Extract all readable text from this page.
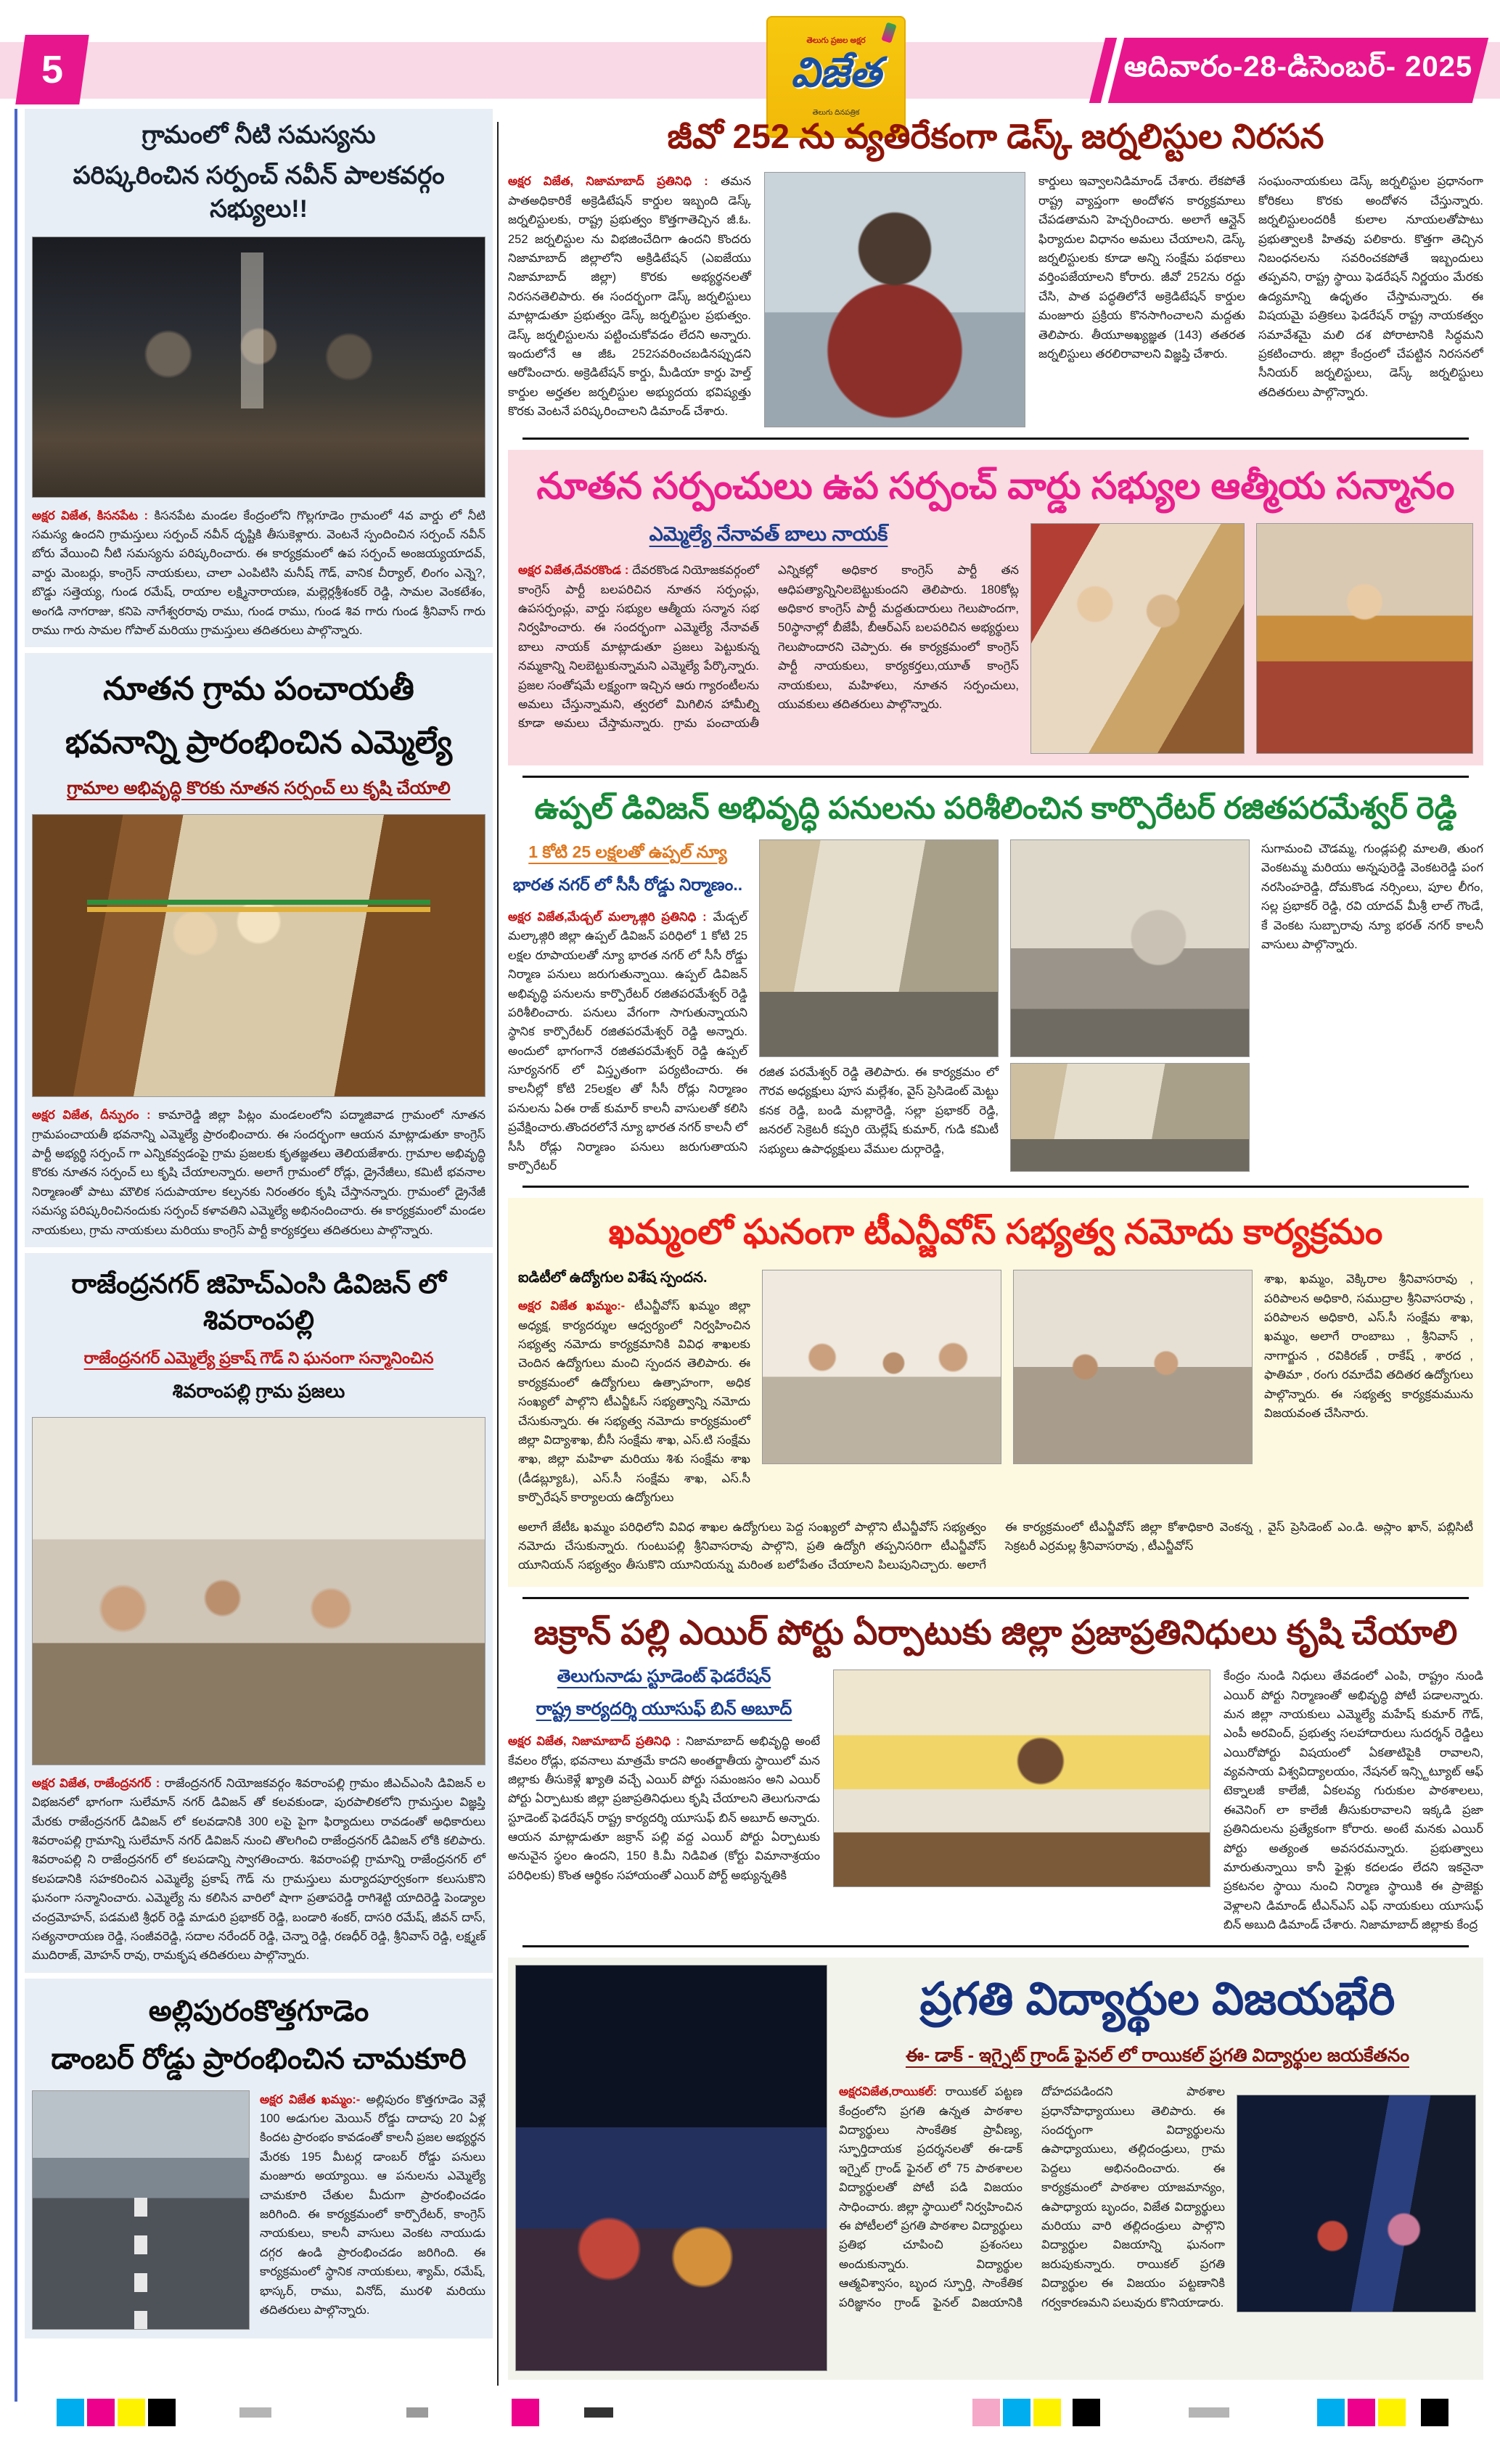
5
తెలుగు ప్రజల అక్షర
విజేత
తెలుగు దినపత్రిక
ఆదివారం-28-డిసెంబర్- 2025
గ్రామంలో నీటి సమస్యను
పరిష్కరించిన సర్పంచ్ నవీన్ పాలకవర్గం సభ్యులు!!
అక్షర విజేత, కిసనపేట : కిసనపేట మండల కేంద్రంలోని గొల్లగూడెం గ్రామంలో 4వ వార్డు లో నీటి సమస్య ఉందని గ్రామస్తులు సర్పంచ్ నవీన్ దృష్టికి తీసుకెళ్లారు. వెంటనే స్పందించిన సర్పంచ్ నవీన్ బోరు వేయించి నీటి సమస్యను పరిష్కరించారు. ఈ కార్యక్రమంలో ఉప సర్పంచ్ అంజయ్యయాదవ్, వార్డు మెంబర్లు, కాంగ్రెస్ నాయకులు, చాలా ఎంపిటిసి మనీష్ గౌడ్, వానిక చీర్యాల్, లింగం ఎన్నె?, బొడ్డు సత్తెయ్య, గుండ రమేష్, రాయాల లక్ష్మినారాయణ, మల్లెర్లశ్రీశంకర్ రెడ్డి, సామల వెంకటేశం, అంగడి నాగరాజు, కనిపె నాగేశ్వరరావు రాము, గుండ రాము, గుండ శివ గారు గుండ శ్రీనివాస్ గారు రాము గారు సామల గోపాల్ మరియు గ్రామస్తులు తదితరులు పాల్గొన్నారు.
నూతన గ్రామ పంచాయతీ
భవనాన్ని ప్రారంభించిన ఎమ్మెల్యే
గ్రామాల అభివృద్ధి కొరకు నూతన సర్పంచ్ లు కృషి చేయాలి
అక్షర విజేత, దీన్పురం : కామారెడ్డి జిల్లా పిట్లం మండలంలోని పద్మాజివాడ గ్రామంలో నూతన గ్రామపంచాయతీ భవనాన్ని ఎమ్మెల్యే ప్రారంభించారు. ఈ సందర్భంగా ఆయన మాట్లాడుతూ కాంగ్రెస్ పార్టీ అభ్యర్థి సర్పంచ్ గా ఎన్నికవ్వడంపై గ్రామ ప్రజలకు కృతజ్ఞతలు తెలియజేశారు. గ్రామాల అభివృద్ధి కొరకు నూతన సర్పంచ్ లు కృషి చేయాలన్నారు. అలాగే గ్రామంలో రోడ్లు, డ్రైనేజీలు, కమిటీ భవనాల నిర్మాణంతో పాటు మౌలిక సదుపాయాల కల్పనకు నిరంతరం కృషి చేస్తానన్నారు. గ్రామంలో డ్రైనేజీ సమస్య పరిష్కరించినందుకు సర్పంచ్ కళావతిని ఎమ్మెల్యే అభినందించారు. ఈ కార్యక్రమంలో మండల నాయకులు, గ్రామ నాయకులు మరియు కాంగ్రెస్ పార్టీ కార్యకర్తలు తదితరులు పాల్గొన్నారు.
రాజేంద్రనగర్ జిహెచ్ఎంసి డివిజన్ లో శివరాంపల్లి
రాజేంద్రనగర్ ఎమ్మెల్యే ప్రకాష్ గౌడ్ ని ఘనంగా సన్మానించిన
శివరాంపల్లి గ్రామ ప్రజలు
అక్షర విజేత, రాజేంద్రనగర్ : రాజేంద్రనగర్ నియోజకవర్గం శివరాంపల్లి గ్రామం జీఎచ్ఎంసి డివిజన్ ల విభజనలో భాగంగా సులేమాన్ నగర్ డివిజన్ తో కలవకుండా, పురపాలికలోని గ్రామస్తుల విజ్ఞప్తి మేరకు రాజేంద్రనగర్ డివిజన్ లో కలవడానికి 300 లపై పైగా ఫిర్యాదులు రావడంతో అధికారులు శివరాంపల్లి గ్రామాన్ని సులేమాన్ నగర్ డివిజన్ నుంచి తొలగించి రాజేంద్రనగర్ డివిజన్ లోకి కలిపారు. శివరాంపల్లి ని రాజేంద్రనగర్ లో కలపడాన్ని స్వాగతించారు. శివరాంపల్లి గ్రామాన్ని రాజేంద్రనగర్ లో కలపడానికి సహకరించిన ఎమ్మెల్యే ప్రకాష్ గౌడ్ ను గ్రామస్తులు మర్యాదపూర్వకంగా కలుసుకొని ఘనంగా సన్మానించారు. ఎమ్మెల్యే ను కలిసిన వారిలో షాగా ప్రతాపరెడ్డి రాగిశెట్టి యాదిరెడ్డి పెండ్యాల చంద్రమోహన్, పడమటి శ్రీధర్ రెడ్డి మాడురి ప్రభాకర్ రెడ్డి, బండారి శంకర్, దాసరి రమేష్, జీవన్ దాస్, సత్యనారాయణ రెడ్డి, సంజీవరెడ్డి, సదాల నరేందర్ రెడ్డి, చెన్నా రెడ్డి, రణధీర్ రెడ్డి, శ్రీనివాస్ రెడ్డి, లక్ష్మణ్ ముదిరాజ్, మోహన్ రావు, రామకృష తదితరులు పాల్గొన్నారు.
అల్లిపురంకొత్తగూడెం
డాంబర్ రోడ్డు ప్రారంభించిన చామకూరి
అక్షర విజేత ఖమ్మం:- అల్లిపురం కొత్తగూడెం వెళ్లే 100 అడుగుల మెయిన్ రోడ్డు దాదాపు 20 ఏళ్ల కిందట ప్రారంభం కావడంతో కాలనీ ప్రజల అభ్యర్థన మేరకు 195 మీటర్ల డాంబర్ రోడ్డు పనులు మంజూరు అయ్యాయి. ఆ పనులను ఎమ్మెల్యే చామకూరి చేతుల మీదుగా ప్రారంభించడం జరిగింది. ఈ కార్యక్రమంలో కార్పొరేటర్, కాంగ్రెస్ నాయకులు, కాలనీ వాసులు వెంకట నాయుడు దగ్గర ఉండి ప్రారంభించడం జరిగింది. ఈ కార్యక్రమంలో స్థానిక నాయకులు, శ్యామ్, రమేష్, భాస్కర్, రాము, వినోద్, మురళి మరియు తదితరులు పాల్గొన్నారు.
జీవో 252 ను వ్యతిరేకంగా డెస్క్ జర్నలిస్టుల నిరసన
అక్షర విజేత, నిజామాబాద్ ప్రతినిధి : తమన పాతఅధికారికే అక్రెడిటేషన్ కార్డుల ఇబ్బంది డెస్క్ జర్నలిస్టులకు, రాష్ట్ర ప్రభుత్వం కొత్తగాతెచ్చిన జీ.ఓ. 252 జర్నలిస్టుల ను విభజించేదిగా ఉందని కొందరు నిజామాబాద్ జిల్లాలోని అక్రిడిటేషన్ (ఎఐజేయు నిజామాబాద్ జిల్లా) కొరకు అభ్యర్థనలతో నిరసనతెలిపారు. ఈ సందర్భంగా డెస్క్ జర్నలిస్టులు మాట్లాడుతూ ప్రభుత్వం డెస్క్ జర్నలిస్టుల ప్రభుత్వం. డెస్క్ జర్నలిస్టులను పట్టించుకోవడం లేదని అన్నారు. ఇందులోనే ఆ జీఓ 252సవరించబడినప్పుడని ఆరోపించారు. అక్రెడిటేషన్ కార్డు, మీడియా కార్డు హెల్త్ కార్డుల అర్హతల జర్నలిస్టుల అభ్యుదయ భవిష్యత్తు కొరకు వెంటనే పరిష్కరించాలని డిమాండ్ చేశారు.
కార్డులు ఇవ్వాలనిడిమాండ్ చేశారు. లేకపోతే రాష్ట్ర వ్యాప్తంగా అందోళన కార్యక్రమాలు చేపడతామని హెచ్చరించారు. అలాగే ఆన్లైన్ ఫిర్యాదుల విధానం అమలు చేయాలని, డెస్క్ జర్నలిస్టులకు కూడా అన్ని సంక్షేమ పథకాలు వర్తింపజేయాలని కోరారు. జీవో 252ను రద్దు చేసి, పాత పద్ధతిలోనే అక్రెడిటేషన్ కార్డుల మంజూరు ప్రక్రియ కొనసాగించాలని మద్దతు తెలిపారు. తీయూఅఖ్యజ్ఞత (143) తతరత జర్నలిస్టులు తరలిరావాలని విజ్ఞప్తి చేశారు.
సంఘంనాయకులు డెస్క్ జర్నలిస్టుల ప్రధానంగా కోరికలు కొరకు అందోళన చేస్తున్నారు. జర్నలిస్టులందరికీ కులాల నూయలతోపాటు ప్రభుత్వాలకి హితవు పలికారు. కొత్తగా తెచ్చిన నిబంధనలను సవరించకపోతే ఇబ్బందులు తప్పవని, రాష్ట్ర స్థాయి ఫెడరేషన్ నిర్ణయం మేరకు ఉద్యమాన్ని ఉధృతం చేస్తామన్నారు. ఈ విషయమై పత్రికలు ఫెడరేషన్ రాష్ట్ర నాయకత్వం సమావేశమై మలి దశ పోరాటానికి సిద్ధమని ప్రకటించారు. జిల్లా కేంద్రంలో చేపట్టిన నిరసనలో సీనియర్ జర్నలిస్టులు, డెస్క్ జర్నలిస్టులు తదితరులు పాల్గొన్నారు.
నూతన సర్పంచులు ఉప సర్పంచ్ వార్డు సభ్యుల ఆత్మీయ సన్మానం
ఎమ్మెల్యే నేనావత్ బాలు నాయక్
అక్షర విజేత,దేవరకొండ : దేవరకొండ నియోజకవర్గంలో కాంగ్రెస్ పార్టీ బలపరిచిన నూతన సర్పంచ్లు, ఉపసర్పంచ్లు, వార్డు సభ్యుల ఆత్మీయ సన్మాన సభ నిర్వహించారు. ఈ సందర్భంగా ఎమ్మెల్యే నేనావత్ బాలు నాయక్ మాట్లాడుతూ ప్రజలు పెట్టుకున్న నమ్మకాన్ని నిలబెట్టుకున్నామని ఎమ్మెల్యే పేర్కొన్నారు. ప్రజల సంతోషమే లక్ష్యంగా ఇచ్చిన ఆరు గ్యారంటీలను అమలు చేస్తున్నామని, త్వరలో మిగిలిన హామీల్ని కూడా అమలు చేస్తామన్నారు. గ్రామ పంచాయతీ ఎన్నికల్లో అధికార కాంగ్రెస్ పార్టీ తన ఆధిపత్యాన్నినిలబెట్టుకుందని తెలిపారు. 180కోట్ల అధికార కాంగ్రెస్ పార్టీ మద్దతుదారులు గెలుపొందగా, 50స్థానాల్లో బీజేపీ, బీఆర్ఎస్ బలపరిచిన అభ్యర్థులు గెలుపొందారని చెప్పారు. ఈ కార్యక్రమంలో కాంగ్రెస్ పార్టీ నాయకులు, కార్యకర్తలు,యూత్ కాంగ్రెస్ నాయకులు, మహిళలు, నూతన సర్పంచులు, యువకులు తదితరులు పాల్గొన్నారు.
ఉప్పల్ డివిజన్ అభివృద్ధి పనులను పరిశీలించిన కార్పొరేటర్ రజితపరమేశ్వర్ రెడ్డి
1 కోటి 25 లక్షలతో ఉప్పల్ న్యూ
భారత నగర్ లో సీసీ రోడ్డు నిర్మాణం..
అక్షర విజేత,మేడ్చల్ మల్కాజ్గిరి ప్రతినిధి : మేడ్చల్ మల్కాజ్గిరి జిల్లా ఉప్పల్ డివిజన్ పరిధిలో 1 కోటి 25 లక్షల రూపాయలతో న్యూ భారత నగర్ లో సీసీ రోడ్డు నిర్మాణ పనులు జరుగుతున్నాయి. ఉప్పల్ డివిజన్ అభివృద్ధి పనులను కార్పొరేటర్ రజితపరమేశ్వర్ రెడ్డి పరిశీలించారు. పనులు వేగంగా సాగుతున్నాయని స్థానిక కార్పొరేటర్ రజితపరమేశ్వర్ రెడ్డి అన్నారు. అందులో భాగంగానే రజితపరమేశ్వర్ రెడ్డి ఉప్పల్ సూర్యనగర్ లో విస్తృతంగా పర్యటించారు. ఈ కాలనీల్లో కోటి 25లక్షల తో సీసీ రోడ్లు నిర్మాణం పనులను ఏఈ రాజ్ కుమార్ కాలనీ వాసులతో కలిసి ప్రవేక్షించారు.తొందరలోనే న్యూ భారత నగర్ కాలనీ లో సీసీ రోడ్లు నిర్మాణం పనులు జరుగుతాయని కార్పొరేటర్
రజిత పరమేశ్వర్ రెడ్డి తెలిపారు. ఈ కార్యక్రమం లో గౌరవ అధ్యక్షులు పూస మల్లేశం, వైస్ ప్రెసిడెంట్ మెట్టు కనక రెడ్డి, బండి మల్లారెడ్డి, సల్లా ప్రభాకర్ రెడ్డి, జనరల్ సెక్రెటరీ కప్పరి యెల్లేష్ కుమార్, గుడి కమిటీ సభ్యులు ఉపాధ్యక్షులు వేముల దుర్గారెడ్డి,
సుగామంచి చౌడమ్మ, గుండ్లపల్లి మాలతి, తుంగ వెంకటమ్మ మరియు అన్నపురెడ్డి వెంకటరెడ్డి పంగ నరసింహరెడ్డి, దోమకొండ నర్సింలు, పూల లీగం, సల్ల ప్రభాకర్ రెడ్డి, రవి యాదవ్ మీశ్రీ లాల్ గౌండే, కే వెంకట సుబ్బారావు న్యూ భరత్ నగర్ కాలనీ వాసులు పాల్గొన్నారు.
ఖమ్మంలో ఘనంగా టీఎన్జీవోస్ సభ్యత్వ నమోదు కార్యక్రమం
ఐడిటీలో ఉద్యోగుల విశేష స్పందన.
అక్షర విజేత ఖమ్మం:- టీఎన్జీవోస్ ఖమ్మం జిల్లా అధ్యక్ష, కార్యదర్శుల ఆధ్వర్యంలో నిర్వహించిన సభ్యత్వ నమోదు కార్యక్రమానికి వివిధ శాఖలకు చెందిన ఉద్యోగులు మంచి స్పందన తెలిపారు. ఈ కార్యక్రమంలో ఉద్యోగులు ఉత్సాహంగా, అధిక సంఖ్యలో పాల్గొని టీఎన్జీఓస్ సభ్యత్వాన్ని నమోదు చేసుకున్నారు. ఈ సభ్యత్వ నమోదు కార్యక్రమంలో జిల్లా విద్యాశాఖ, బీసీ సంక్షేమ శాఖ, ఎస్.టి సంక్షేమ శాఖ, జిల్లా మహిళా మరియు శిశు సంక్షేమ శాఖ (డీడబ్ల్యూఓ), ఎస్.సీ సంక్షేమ శాఖ, ఎస్.సీ కార్పొరేషన్ కార్యాలయ ఉద్యోగులు
శాఖ, ఖమ్మం, వెక్కిరాల శ్రీనివాసరావు , పరిపాలన అధికారి, సముద్రాల శ్రీనివాసరావు , పరిపాలన అధికారి, ఎస్.సీ సంక్షేమ శాఖ, ఖమ్మం, అలాగే రాంబాబు , శ్రీనివాస్ , నాగార్జున , రవికిరణ్ , రాకేష్ , శారద , ఫాతిమా , రంగు రమాదేవి తదితర ఉద్యోగులు పాల్గొన్నారు. ఈ సభ్యత్వ కార్యక్రమమును విజయవంత చేసినారు.
అలాగే జేటీఓ ఖమ్మం పరిధిలోని వివిధ శాఖల ఉద్యోగులు పెద్ద సంఖ్యలో పాల్గొని టీఎన్జీవోస్ సభ్యత్వం నమోదు చేసుకున్నారు. గుంటుపల్లి శ్రీనివాసరావు పాల్గొని, ప్రతి ఉద్యోగి తప్పనిసరిగా టీఎన్జీవోస్ యూనియన్ సభ్యత్వం తీసుకొని యూనియన్ను మరింత బలోపేతం చేయాలని పిలుపునిచ్చారు. అలాగే ఈ కార్యక్రమంలో టీఎన్జీవోస్ జిల్లా కోశాధికారి వెంకన్న , వైస్ ప్రెసిడెంట్ ఎం.డి. అస్లాం ఖాన్, పబ్లిసిటీ సెక్రటరీ ఎర్రమల్ల శ్రీనివాసరావు , టీఎన్జీవోస్
జక్రాన్ పల్లి ఎయిర్ పోర్టు ఏర్పాటుకు జిల్లా ప్రజాప్రతినిధులు కృషి చేయాలి
తెలుగునాడు స్టూడెంట్ ఫెడరేషన్
రాష్ట్ర కార్యదర్శి యూసుఫ్ బిన్ అబూద్
అక్షర విజేత, నిజామాబాద్ ప్రతినిధి : నిజామాబాద్ అభివృద్ధి అంటే కేవలం రోడ్లు, భవనాలు మాత్రమే కాదని అంతర్జాతీయ స్థాయిలో మన జిల్లాకు తీసుకెళ్లే ఖ్యాతి వచ్చే ఎయిర్ పోర్టు సమంజసం అని ఎయిర్ పోర్టు ఏర్పాటుకు జిల్లా ప్రజాప్రతినిధులు కృషి చేయాలని తెలుగునాడు స్టూడెంట్ ఫెడరేషన్ రాష్ట్ర కార్యదర్శి యూసుఫ్ బిన్ అబూద్ అన్నారు. ఆయన మాట్లాడుతూ జక్రాన్ పల్లి వద్ద ఎయిర్ పోర్టు ఏర్పాటుకు అనువైన స్థలం ఉందని, 150 కి.మీ నిడివిత (కోర్టు విమానాశ్రయం పరిధిలకు) కొంత ఆర్థికం సహాయంతో ఎయిర్ పోర్ట్ అభ్యున్నతికి
కేంద్రం నుండి నిధులు తేవడంలో ఎంపి, రాష్ట్రం నుండి ఎయిర్ పోర్టు నిర్మాణంతో అభివృద్ధి పోటీ పడాలన్నారు. మన జిల్లా నాయకులు ఎమ్మెల్యే మహేష్ కుమార్ గౌడ్, ఎంపీ అరవింద్, ప్రభుత్వ సలహాదారులు సుదర్శన్ రెడ్డిలు ఎయిరోపోర్టు విషయంలో ఏకతాటిపైకి రావాలని, వ్యవసాయ విశ్వవిద్యాలయం, నేషనల్ ఇన్స్టిట్యూట్ ఆఫ్ టెక్నాలజీ కాలేజీ, ఏకలవ్య గురుకుల పాఠశాలలు, ఈవెనింగ్ లా కాలేజీ తీసుకురావాలని ఇక్కడి ప్రజా ప్రతినిదులను ప్రత్యేకంగా కోరారు. అంటే మనకు ఎయిర్ పోర్టు అత్యంత అవసరమన్నారు. ప్రభుత్వాలు మారుతున్నాయి కానీ ఫైళ్లు కదలడం లేదని ఇకనైనా ప్రకటనల స్థాయి నుంచి నిర్మాణ స్థాయికి ఈ ప్రాజెక్టు వెళ్లాలని డిమాండ్ టీఎన్ఎస్ ఎఫ్ నాయకులు యూసుఫ్ బిన్ అబుది డిమాండ్ చేశారు. నిజామాబాద్ జిల్లాకు కేంద్ర
ప్రగతి విద్యార్థుల విజయభేరి
ఈ- డాక్ - ఇగ్నైట్ గ్రాండ్ ఫైనల్ లో రాయికల్ ప్రగతి విద్యార్థుల జయకేతనం
అక్షరవిజేత,రాయికల్: రాయికల్ పట్టణ కేంద్రంలోని ప్రగతి ఉన్నత పాఠశాల విద్యార్థులు సాంకేతిక ప్రావీణ్య, స్ఫూర్తిదాయక ప్రదర్శనలతో ఈ-డాక్ ఇగ్నైట్ గ్రాండ్ ఫైనల్ లో 75 పాఠశాలల విద్యార్థులతో పోటీ పడి విజయం సాధించారు. జిల్లా స్థాయిలో నిర్వహించిన ఈ పోటీలలో ప్రగతి పాఠశాల విద్యార్థులు ప్రతిభ చూపించి ప్రశంసలు అందుకున్నారు. విద్యార్థుల ఆత్మవిశ్వాసం, బృంద స్ఫూర్తి, సాంకేతిక పరిజ్ఞానం గ్రాండ్ ఫైనల్ విజయానికి దోహదపడిందని పాఠశాల ప్రధానోపాధ్యాయులు తెలిపారు. ఈ సందర్భంగా విద్యార్థులను ఉపాధ్యాయులు, తల్లిదండ్రులు, గ్రామ పెద్దలు అభినందించారు. ఈ కార్యక్రమంలో పాఠశాల యాజమాన్యం, ఉపాధ్యాయ బృందం, విజేత విద్యార్థులు మరియు వారి తల్లిదండ్రులు పాల్గొని విద్యార్థుల విజయాన్ని ఘనంగా జరుపుకున్నారు. రాయికల్ ప్రగతి విద్యార్థుల ఈ విజయం పట్టణానికి గర్వకారణమని పలువురు కొనియాడారు.
